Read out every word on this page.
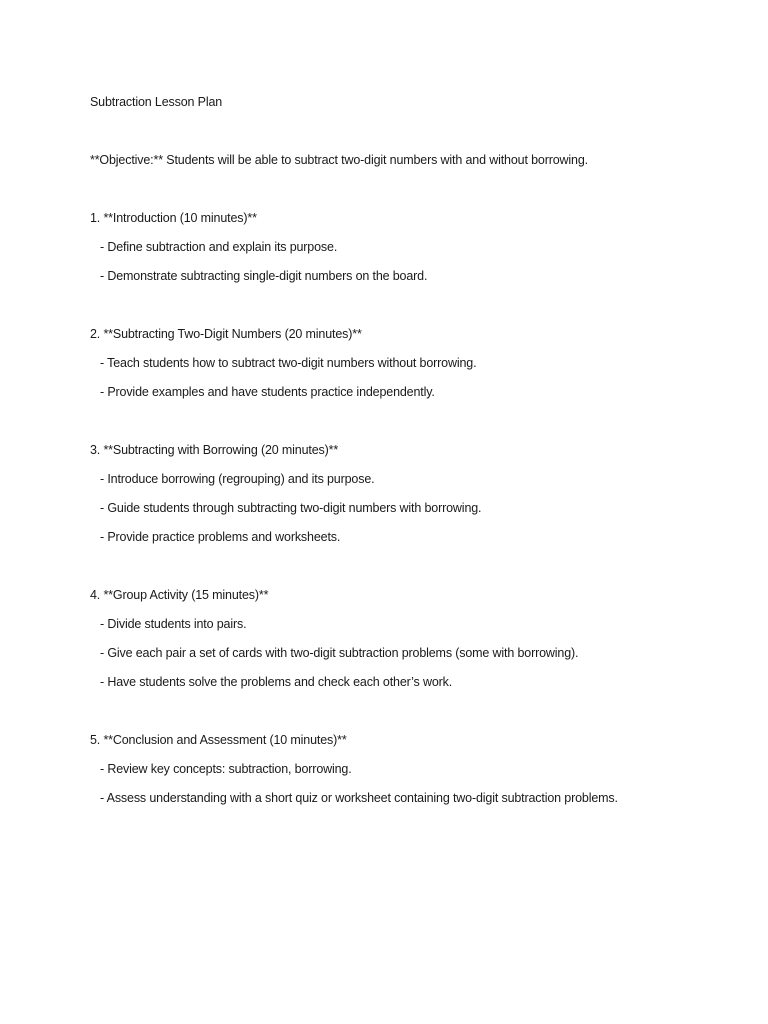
Subtraction Lesson Plan
**Objective:** Students will be able to subtract two-digit numbers with and without borrowing.
1. **Introduction (10 minutes)**
- Define subtraction and explain its purpose.
- Demonstrate subtracting single-digit numbers on the board.
2. **Subtracting Two-Digit Numbers (20 minutes)**
- Teach students how to subtract two-digit numbers without borrowing.
- Provide examples and have students practice independently.
3. **Subtracting with Borrowing (20 minutes)**
- Introduce borrowing (regrouping) and its purpose.
- Guide students through subtracting two-digit numbers with borrowing.
- Provide practice problems and worksheets.
4. **Group Activity (15 minutes)**
- Divide students into pairs.
- Give each pair a set of cards with two-digit subtraction problems (some with borrowing).
- Have students solve the problems and check each other’s work.
5. **Conclusion and Assessment (10 minutes)**
- Review key concepts: subtraction, borrowing.
- Assess understanding with a short quiz or worksheet containing two-digit subtraction problems.
